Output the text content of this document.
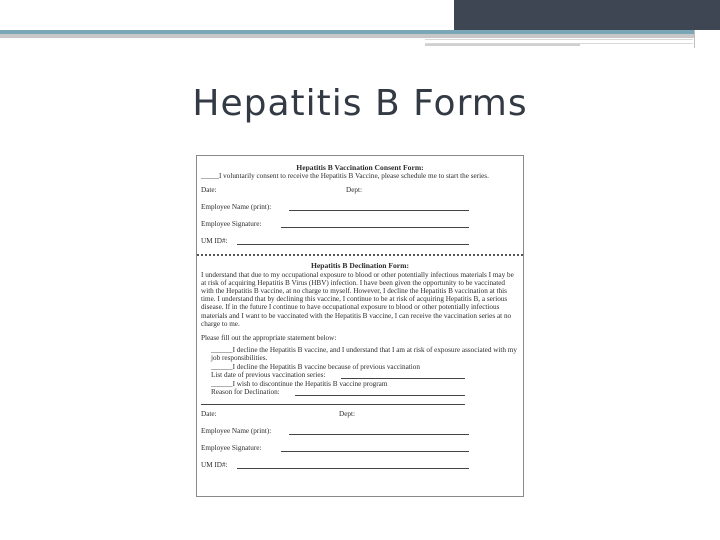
Hepatitis B Forms
Hepatitis B Vaccination Consent Form:
_____I voluntarily consent to receive the Hepatitis B Vaccine, please schedule me to start the series.
Date:	Dept:
Employee Name (print):
Employee Signature:
UM ID#:
Hepatitis B Declination Form:
I understand that due to my occupational exposure to blood or other potentially infectious materials I may be at risk of acquiring Hepatitis B Virus (HBV) infection. I have been given the opportunity to be vaccinated with the Hepatitis B vaccine, at no charge to myself. However, I decline the Hepatitis B vaccination at this time. I understand that by declining this vaccine, I continue to be at risk of acquiring Hepatitis B, a serious disease. If in the future I continue to have occupational exposure to blood or other potentially infectious materials and I want to be vaccinated with the Hepatitis B vaccine, I can receive the vaccination series at no charge to me.
Please fill out the appropriate statement below:
______I decline the Hepatitis B vaccine, and I understand that I am at risk of exposure associated with my job responsibilities.
______I decline the Hepatitis B vaccine because of previous vaccination
List date of previous vaccination series:
______I wish to discontinue the Hepatitis B vaccine program
Reason for Declination:
Date:	Dept:
Employee Name (print):
Employee Signature:
UM ID#:
